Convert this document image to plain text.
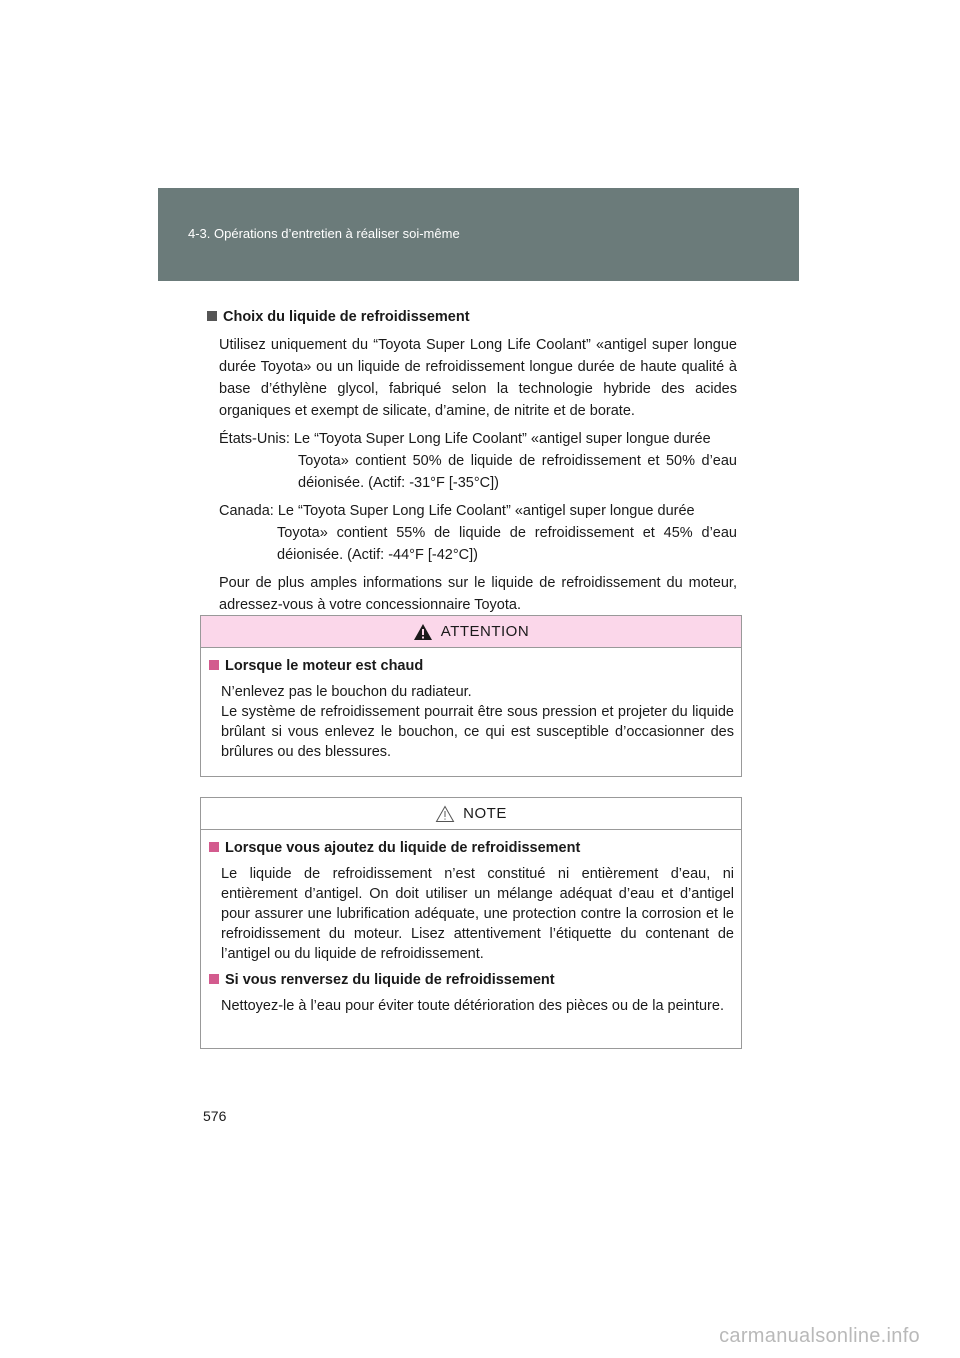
4-3. Opérations d’entretien à réaliser soi-même
Choix du liquide de refroidissement
Utilisez uniquement du “Toyota Super Long Life Coolant” «antigel super longue durée Toyota» ou un liquide de refroidissement longue durée de haute qualité à base d’éthylène glycol, fabriqué selon la technologie hybride des acides organiques et exempt de silicate, d’amine, de nitrite et de borate.
États-Unis: Le “Toyota Super Long Life Coolant” «antigel super longue durée
Toyota» contient 50% de liquide de refroidissement et 50% d’eau déionisée. (Actif: -31°F [-35°C])
Canada: Le “Toyota Super Long Life Coolant” «antigel super longue durée
Toyota» contient 55% de liquide de refroidissement et 45% d’eau déionisée. (Actif: -44°F [-42°C])
Pour de plus amples informations sur le liquide de refroidissement du moteur, adressez-vous à votre concessionnaire Toyota.
ATTENTION
Lorsque le moteur est chaud
N’enlevez pas le bouchon du radiateur.
Le système de refroidissement pourrait être sous pression et projeter du liquide brûlant si vous enlevez le bouchon, ce qui est susceptible d’occasionner des brûlures ou des blessures.
NOTE
Lorsque vous ajoutez du liquide de refroidissement
Le liquide de refroidissement n’est constitué ni entièrement d’eau, ni entièrement d’antigel. On doit utiliser un mélange adéquat d’eau et d’antigel pour assurer une lubrification adéquate, une protection contre la corrosion et le refroidissement du moteur. Lisez attentivement l’étiquette du contenant de l’antigel ou du liquide de refroidissement.
Si vous renversez du liquide de refroidissement
Nettoyez-le à l’eau pour éviter toute détérioration des pièces ou de la peinture.
576
carmanualsonline.info
